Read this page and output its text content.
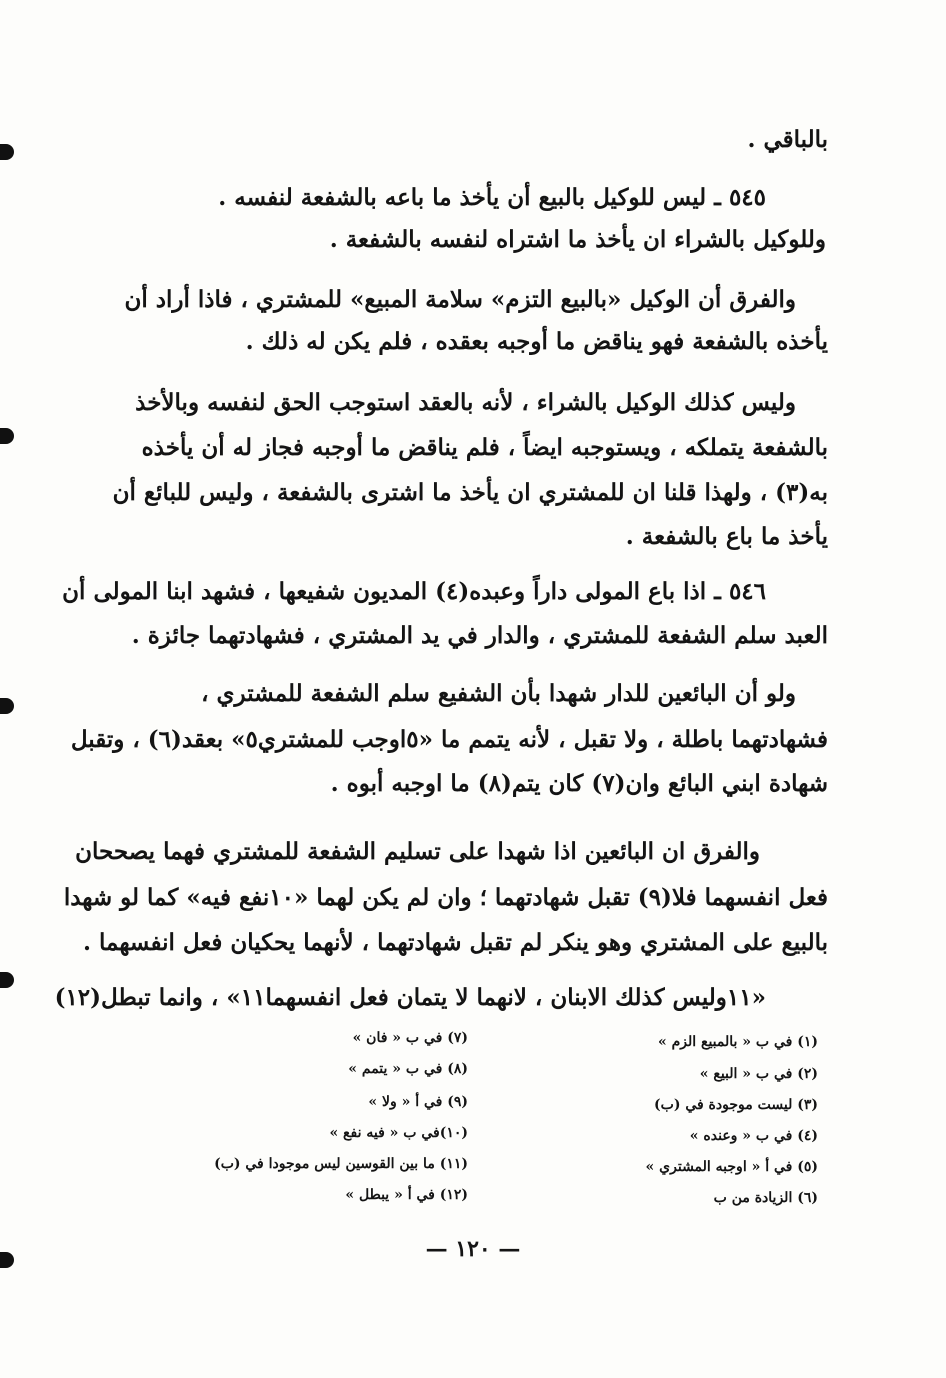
بالباقي .
٥٤٥ ـ ليس للوكيل بالبيع أن يأخذ ما باعه بالشفعة لنفسه .
وللوكيل بالشراء ان يأخذ ما اشتراه لنفسه بالشفعة .
والفرق أن الوكيل «بالبيع التزم» سلامة المبيع» للمشتري ، فاذا أراد أن
يأخذه بالشفعة فهو يناقض ما أوجبه بعقده ، فلم يكن له ذلك .
وليس كذلك الوكيل بالشراء ، لأنه بالعقد استوجب الحق لنفسه وبالأخذ
بالشفعة يتملكه ، ويستوجبه ايضاً ، فلم يناقض ما أوجبه فجاز له أن يأخذه
به(٣) ، ولهذا قلنا ان للمشتري ان يأخذ ما اشترى بالشفعة ، وليس للبائع أن
يأخذ ما باع بالشفعة .
٥٤٦ ـ اذا باع المولى داراً وعبده(٤) المديون شفيعها ، فشهد ابنا المولى أن
العبد سلم الشفعة للمشتري ، والدار في يد المشتري ، فشهادتهما جائزة .
ولو أن البائعين للدار شهدا بأن الشفيع سلم الشفعة للمشتري ،
فشهادتهما باطلة ، ولا تقبل ، لأنه يتمم ما «٥اوجب للمشتري٥» بعقد(٦) ، وتقبل
شهادة ابني البائع وان(٧) كان يتم(٨) ما اوجبه أبوه .
والفرق ان البائعين اذا شهدا على تسليم الشفعة للمشتري فهما يصححان
فعل انفسهما فلا(٩) تقبل شهادتهما ؛ وان لم يكن لهما «١٠نفع فيه» كما لو شهدا
بالبيع على المشتري وهو ينكر لم تقبل شهادتهما ، لأنهما يحكيان فعل انفسهما .
«١١وليس كذلك الابنان ، لانهما لا يتمان فعل انفسهما١١» ، وانما تبطل(١٢)
(١) في ب « بالمبيع الزم »
(٢) في ب « البيع »
(٣) ليست موجودة في (ب)
(٤) في ب « وعنده »
(٥) في أ « اوجبه المشتري »
(٦) الزيادة من ب
(٧) في ب « فان »
(٨) في ب « يتمم »
(٩) في أ « ولا »
(١٠)في ب « فيه نفع »
(١١) ما بين القوسين ليس موجودا في (ب)
(١٢) في أ « يبطل »
— ١٢٠ —
